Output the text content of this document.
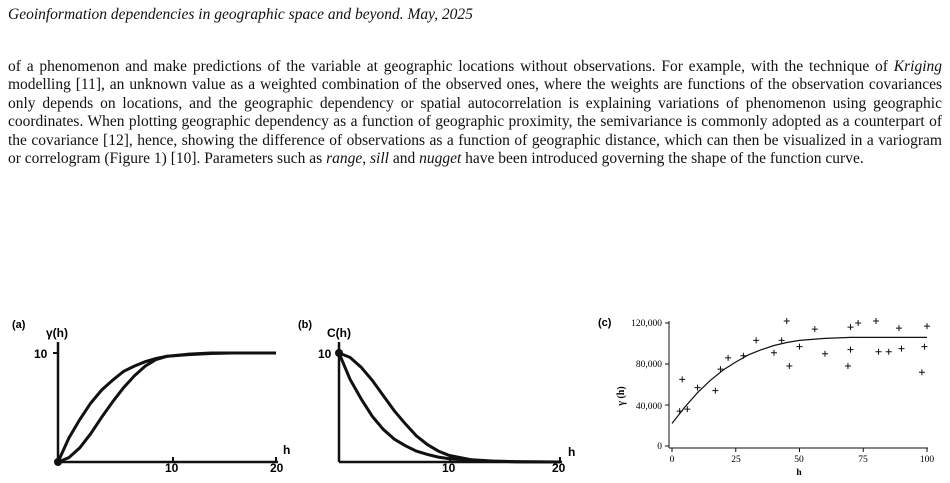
Geoinformation dependencies in geographic space and beyond. May, 2025
of a phenomenon and make predictions of the variable at geographic locations without observations. For example, with the technique of Kriging modelling [11], an unknown value as a weighted combination of the observed ones, where the weights are functions of the observation covariances only depends on locations, and the geographic dependency or spatial autocorrelation is explaining variations of phenomenon using geographic coordinates. When plotting geographic dependency as a function of geographic proximity, the semivariance is commonly adopted as a counterpart of the covariance [12], hence, showing the difference of observations as a function of geographic distance, which can then be visualized in a variogram or correlogram (Figure 1) [10]. Parameters such as range, sill and nugget have been introduced governing the shape of the function curve.
(a)
γ(h)
10
h
10	20
(b)
C(h)
10
h
10	20
(c)
γ (h)
0
40,000
80,000
120,000
0	25	50	75	100
h
